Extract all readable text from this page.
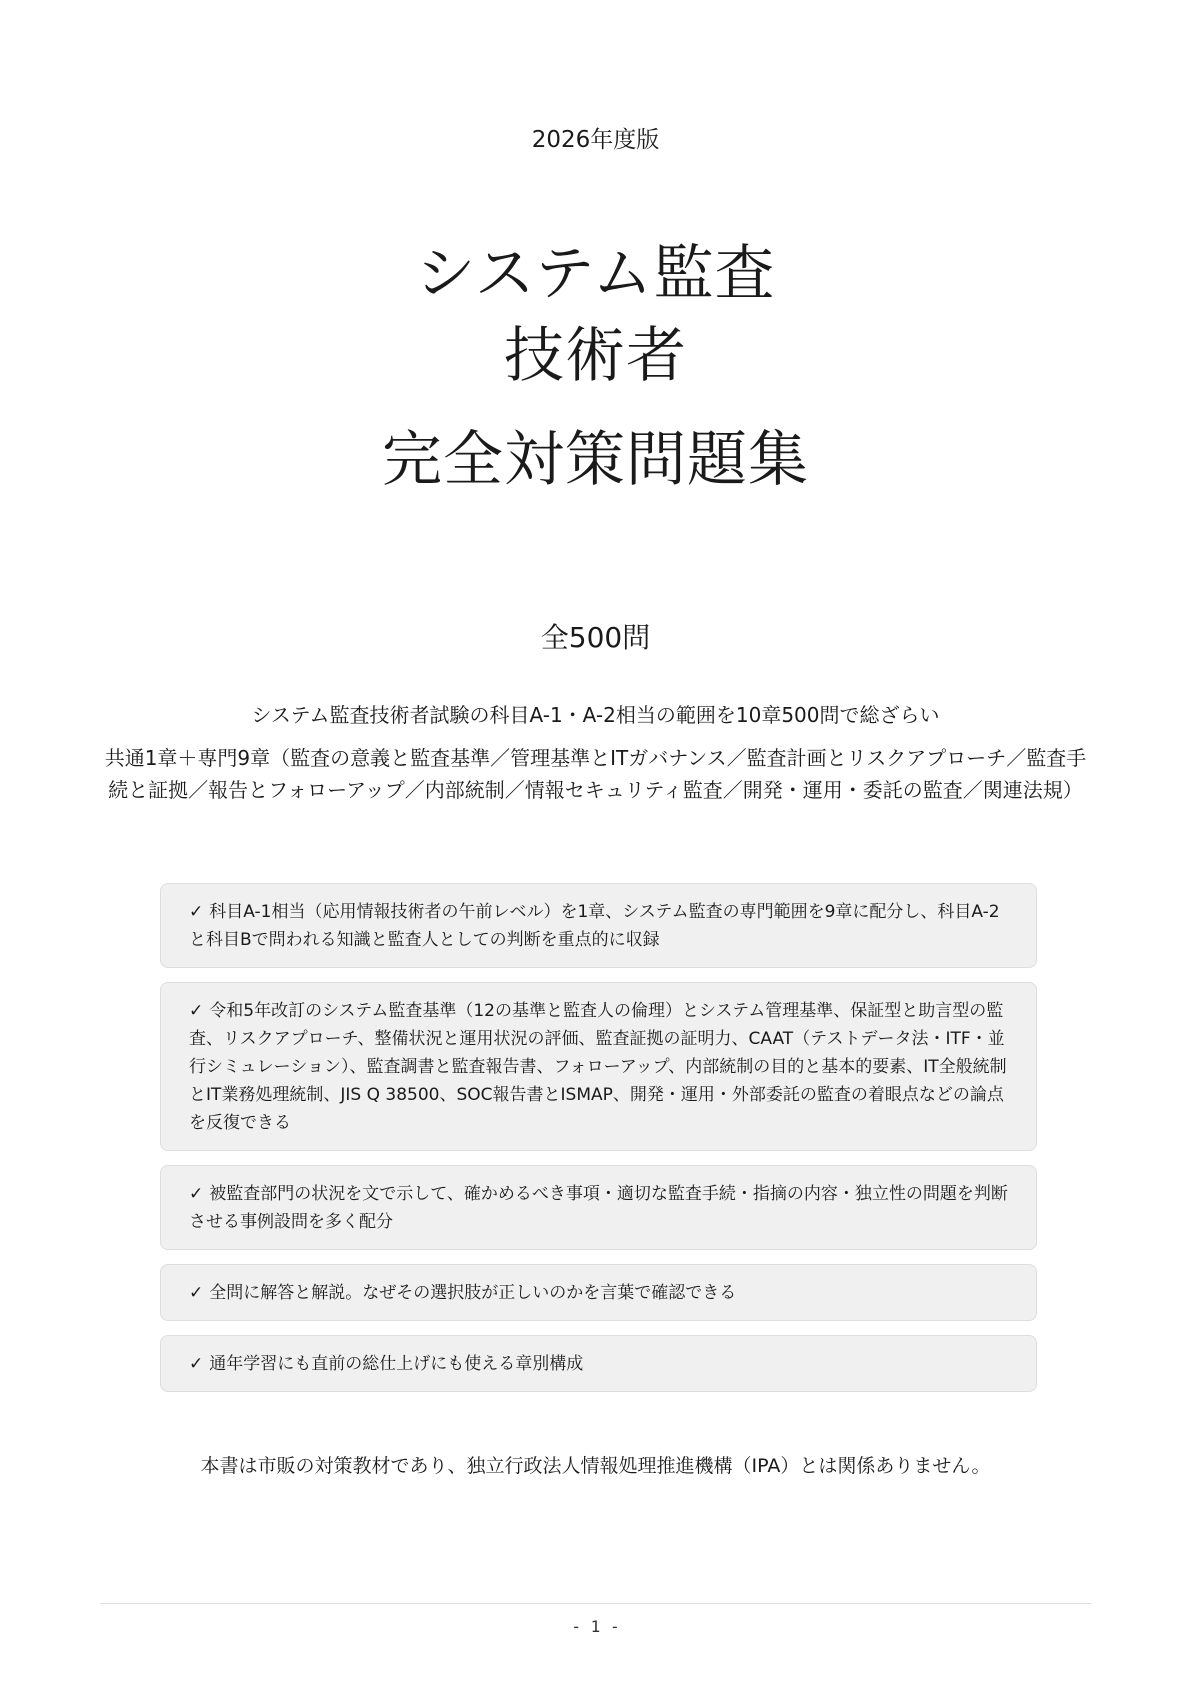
2026年度版
システム監査
技術者
完全対策問題集
全500問
システム監査技術者試験の科目A-1・A-2相当の範囲を10章500問で総ざらい
共通1章＋専門9章（監査の意義と監査基準／管理基準とITガバナンス／監査計画とリスクアプローチ／監査手続と証拠／報告とフォローアップ／内部統制／情報セキュリティ監査／開発・運用・委託の監査／関連法規）
✓ 科目A-1相当（応用情報技術者の午前レベル）を1章、システム監査の専門範囲を9章に配分し、科目A-2と科目Bで問われる知識と監査人としての判断を重点的に収録
✓ 令和5年改訂のシステム監査基準（12の基準と監査人の倫理）とシステム管理基準、保証型と助言型の監査、リスクアプローチ、整備状況と運用状況の評価、監査証拠の証明力、CAAT（テストデータ法・ITF・並行シミュレーション）、監査調書と監査報告書、フォローアップ、内部統制の目的と基本的要素、IT全般統制とIT業務処理統制、JIS Q 38500、SOC報告書とISMAP、開発・運用・外部委託の監査の着眼点などの論点を反復できる
✓ 被監査部門の状況を文で示して、確かめるべき事項・適切な監査手続・指摘の内容・独立性の問題を判断させる事例設問を多く配分
✓ 全問に解答と解説。なぜその選択肢が正しいのかを言葉で確認できる
✓ 通年学習にも直前の総仕上げにも使える章別構成
本書は市販の対策教材であり、独立行政法人情報処理推進機構（IPA）とは関係ありません。
- 1 -
